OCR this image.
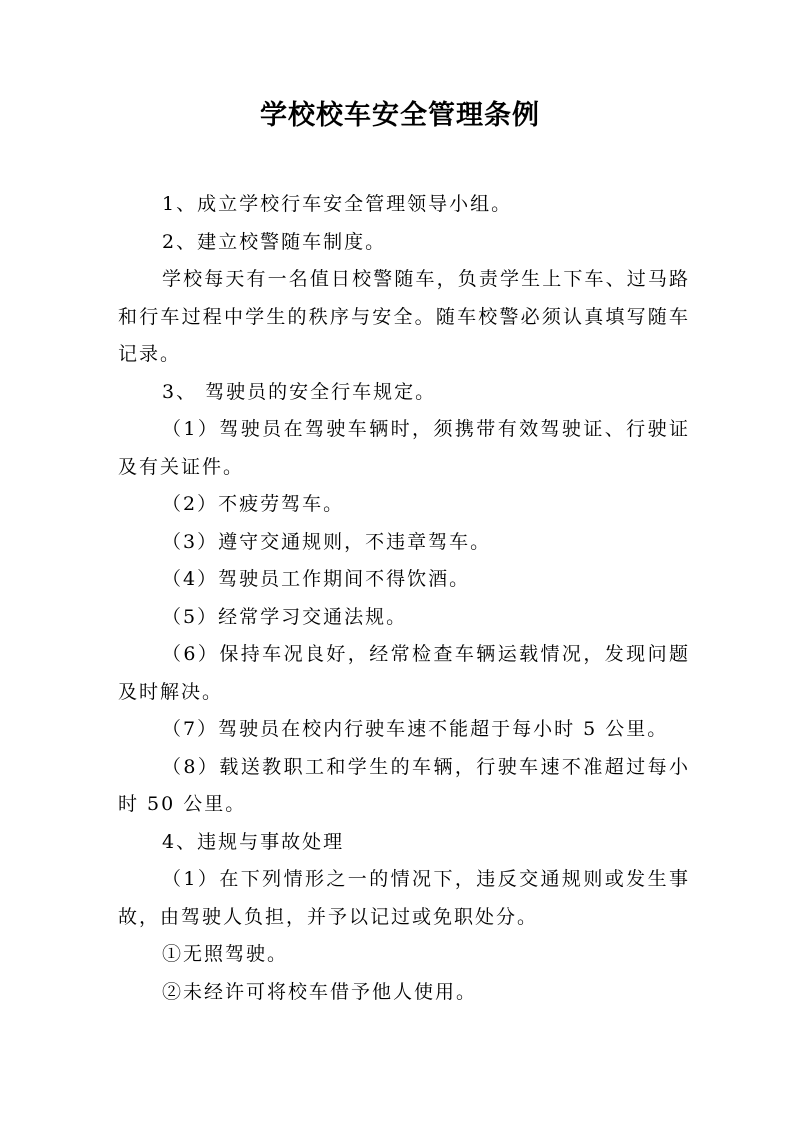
学校校车安全管理条例

1、成立学校行车安全管理领导小组。

2、建立校警随车制度。

学校每天有一名值日校警随车，负责学生上下车、过马路和行车过程中学生的秩序与安全。随车校警必须认真填写随车记录。

3、 驾驶员的安全行车规定。

（1）驾驶员在驾驶车辆时，须携带有效驾驶证、行驶证及有关证件。

（2）不疲劳驾车。

（3）遵守交通规则，不违章驾车。

（4）驾驶员工作期间不得饮酒。

（5）经常学习交通法规。

（6）保持车况良好，经常检查车辆运载情况，发现问题及时解决。

（7）驾驶员在校内行驶车速不能超于每小时 5 公里。

（8）载送教职工和学生的车辆，行驶车速不准超过每小时 50 公里。

4、违规与事故处理

（1）在下列情形之一的情况下，违反交通规则或发生事故，由驾驶人负担，并予以记过或免职处分。

①无照驾驶。

②未经许可将校车借予他人使用。
